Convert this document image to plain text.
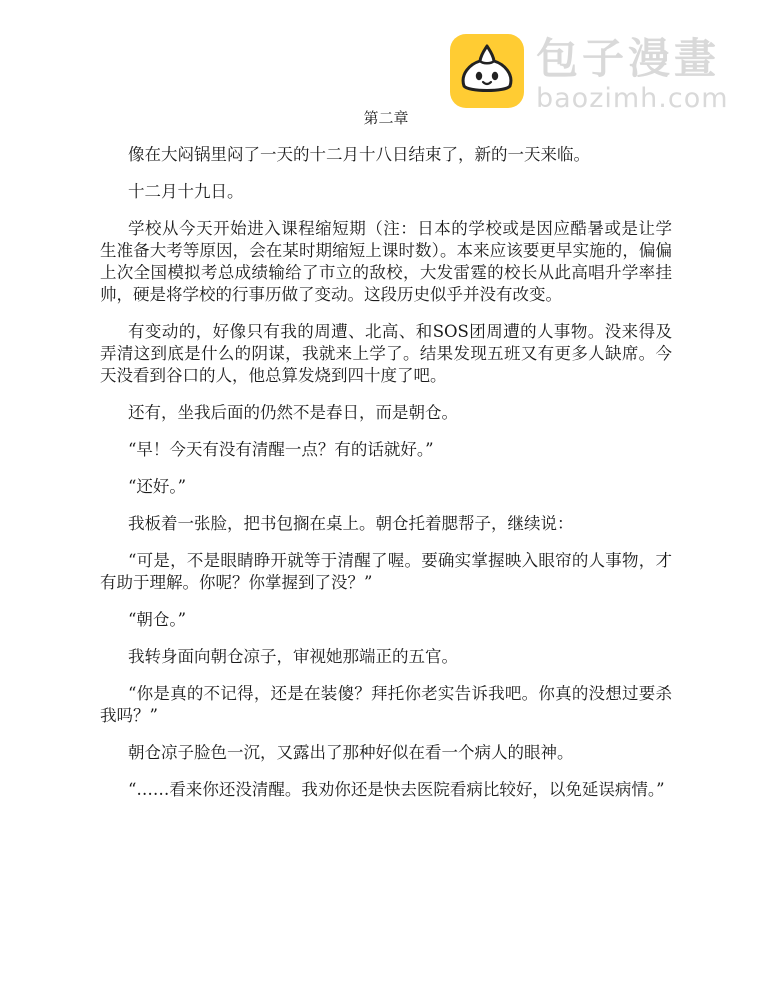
包子漫畫
baozimh.com
第二章

像在大闷锅里闷了一天的十二月十八日结束了，新的一天来临。

十二月十九日。

学校从今天开始进入课程缩短期（注：日本的学校或是因应酷暑或是让学生准备大考等原因，会在某时期缩短上课时数）。本来应该要更早实施的，偏偏上次全国模拟考总成绩输给了市立的敌校，大发雷霆的校长从此高唱升学率挂帅，硬是将学校的行事历做了变动。这段历史似乎并没有改变。

有变动的，好像只有我的周遭、北高、和SOS团周遭的人事物。没来得及弄清这到底是什么的阴谋，我就来上学了。结果发现五班又有更多人缺席。今天没看到谷口的人，他总算发烧到四十度了吧。

还有，坐我后面的仍然不是春日，而是朝仓。

“早！今天有没有清醒一点？有的话就好。”

“还好。”

我板着一张脸，把书包搁在桌上。朝仓托着腮帮子，继续说：

“可是，不是眼睛睁开就等于清醒了喔。要确实掌握映入眼帘的人事物，才有助于理解。你呢？你掌握到了没？”

“朝仓。”

我转身面向朝仓凉子，审视她那端正的五官。

“你是真的不记得，还是在装傻？拜托你老实告诉我吧。你真的没想过要杀我吗？”

朝仓凉子脸色一沉，又露出了那种好似在看一个病人的眼神。

“……看来你还没清醒。我劝你还是快去医院看病比较好，以免延误病情。”
